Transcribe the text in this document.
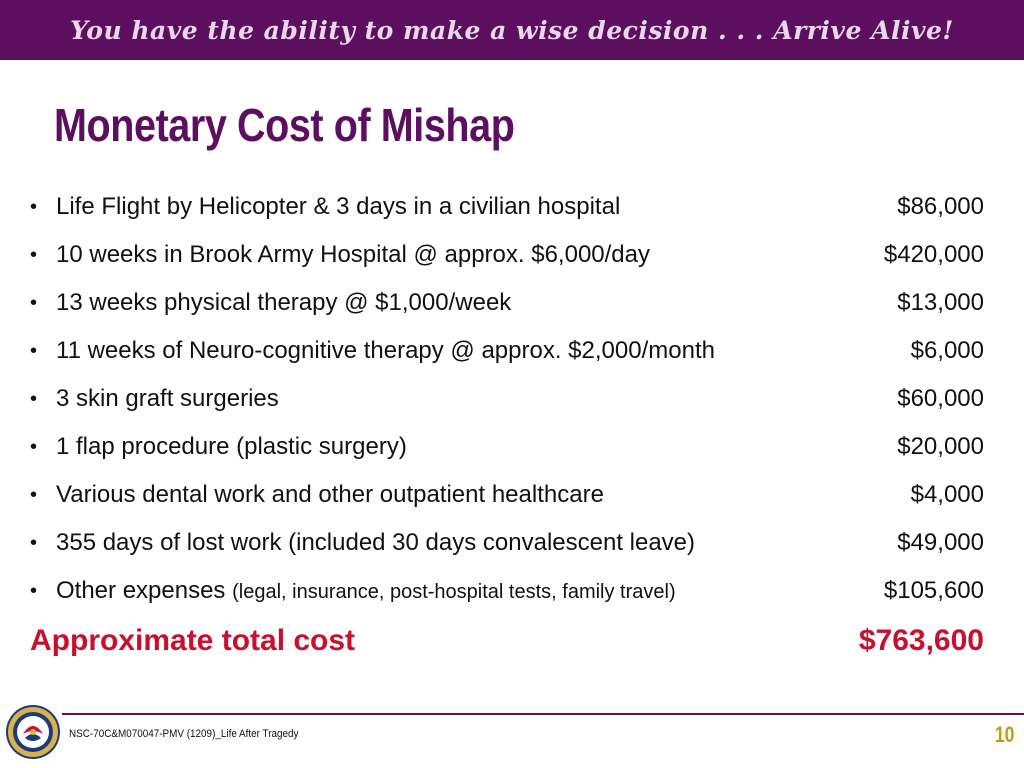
You have the ability to make a wise decision . . . Arrive Alive!
Monetary Cost of Mishap
• Life Flight by Helicopter & 3 days in a civilian hospital	$86,000
• 10 weeks in Brook Army Hospital @ approx. $6,000/day	$420,000
• 13 weeks physical therapy @ $1,000/week	$13,000
• 11 weeks of Neuro-cognitive therapy @ approx. $2,000/month	$6,000
• 3 skin graft surgeries	$60,000
• 1 flap procedure (plastic surgery)	$20,000
• Various dental work and other outpatient healthcare	$4,000
• 355 days of lost work (included 30 days convalescent leave)	$49,000
• Other expenses (legal, insurance, post-hospital tests, family travel)	$105,600
Approximate total cost	$763,600
NSC-70C&M070047-PMV (1209)_Life After Tragedy	10
